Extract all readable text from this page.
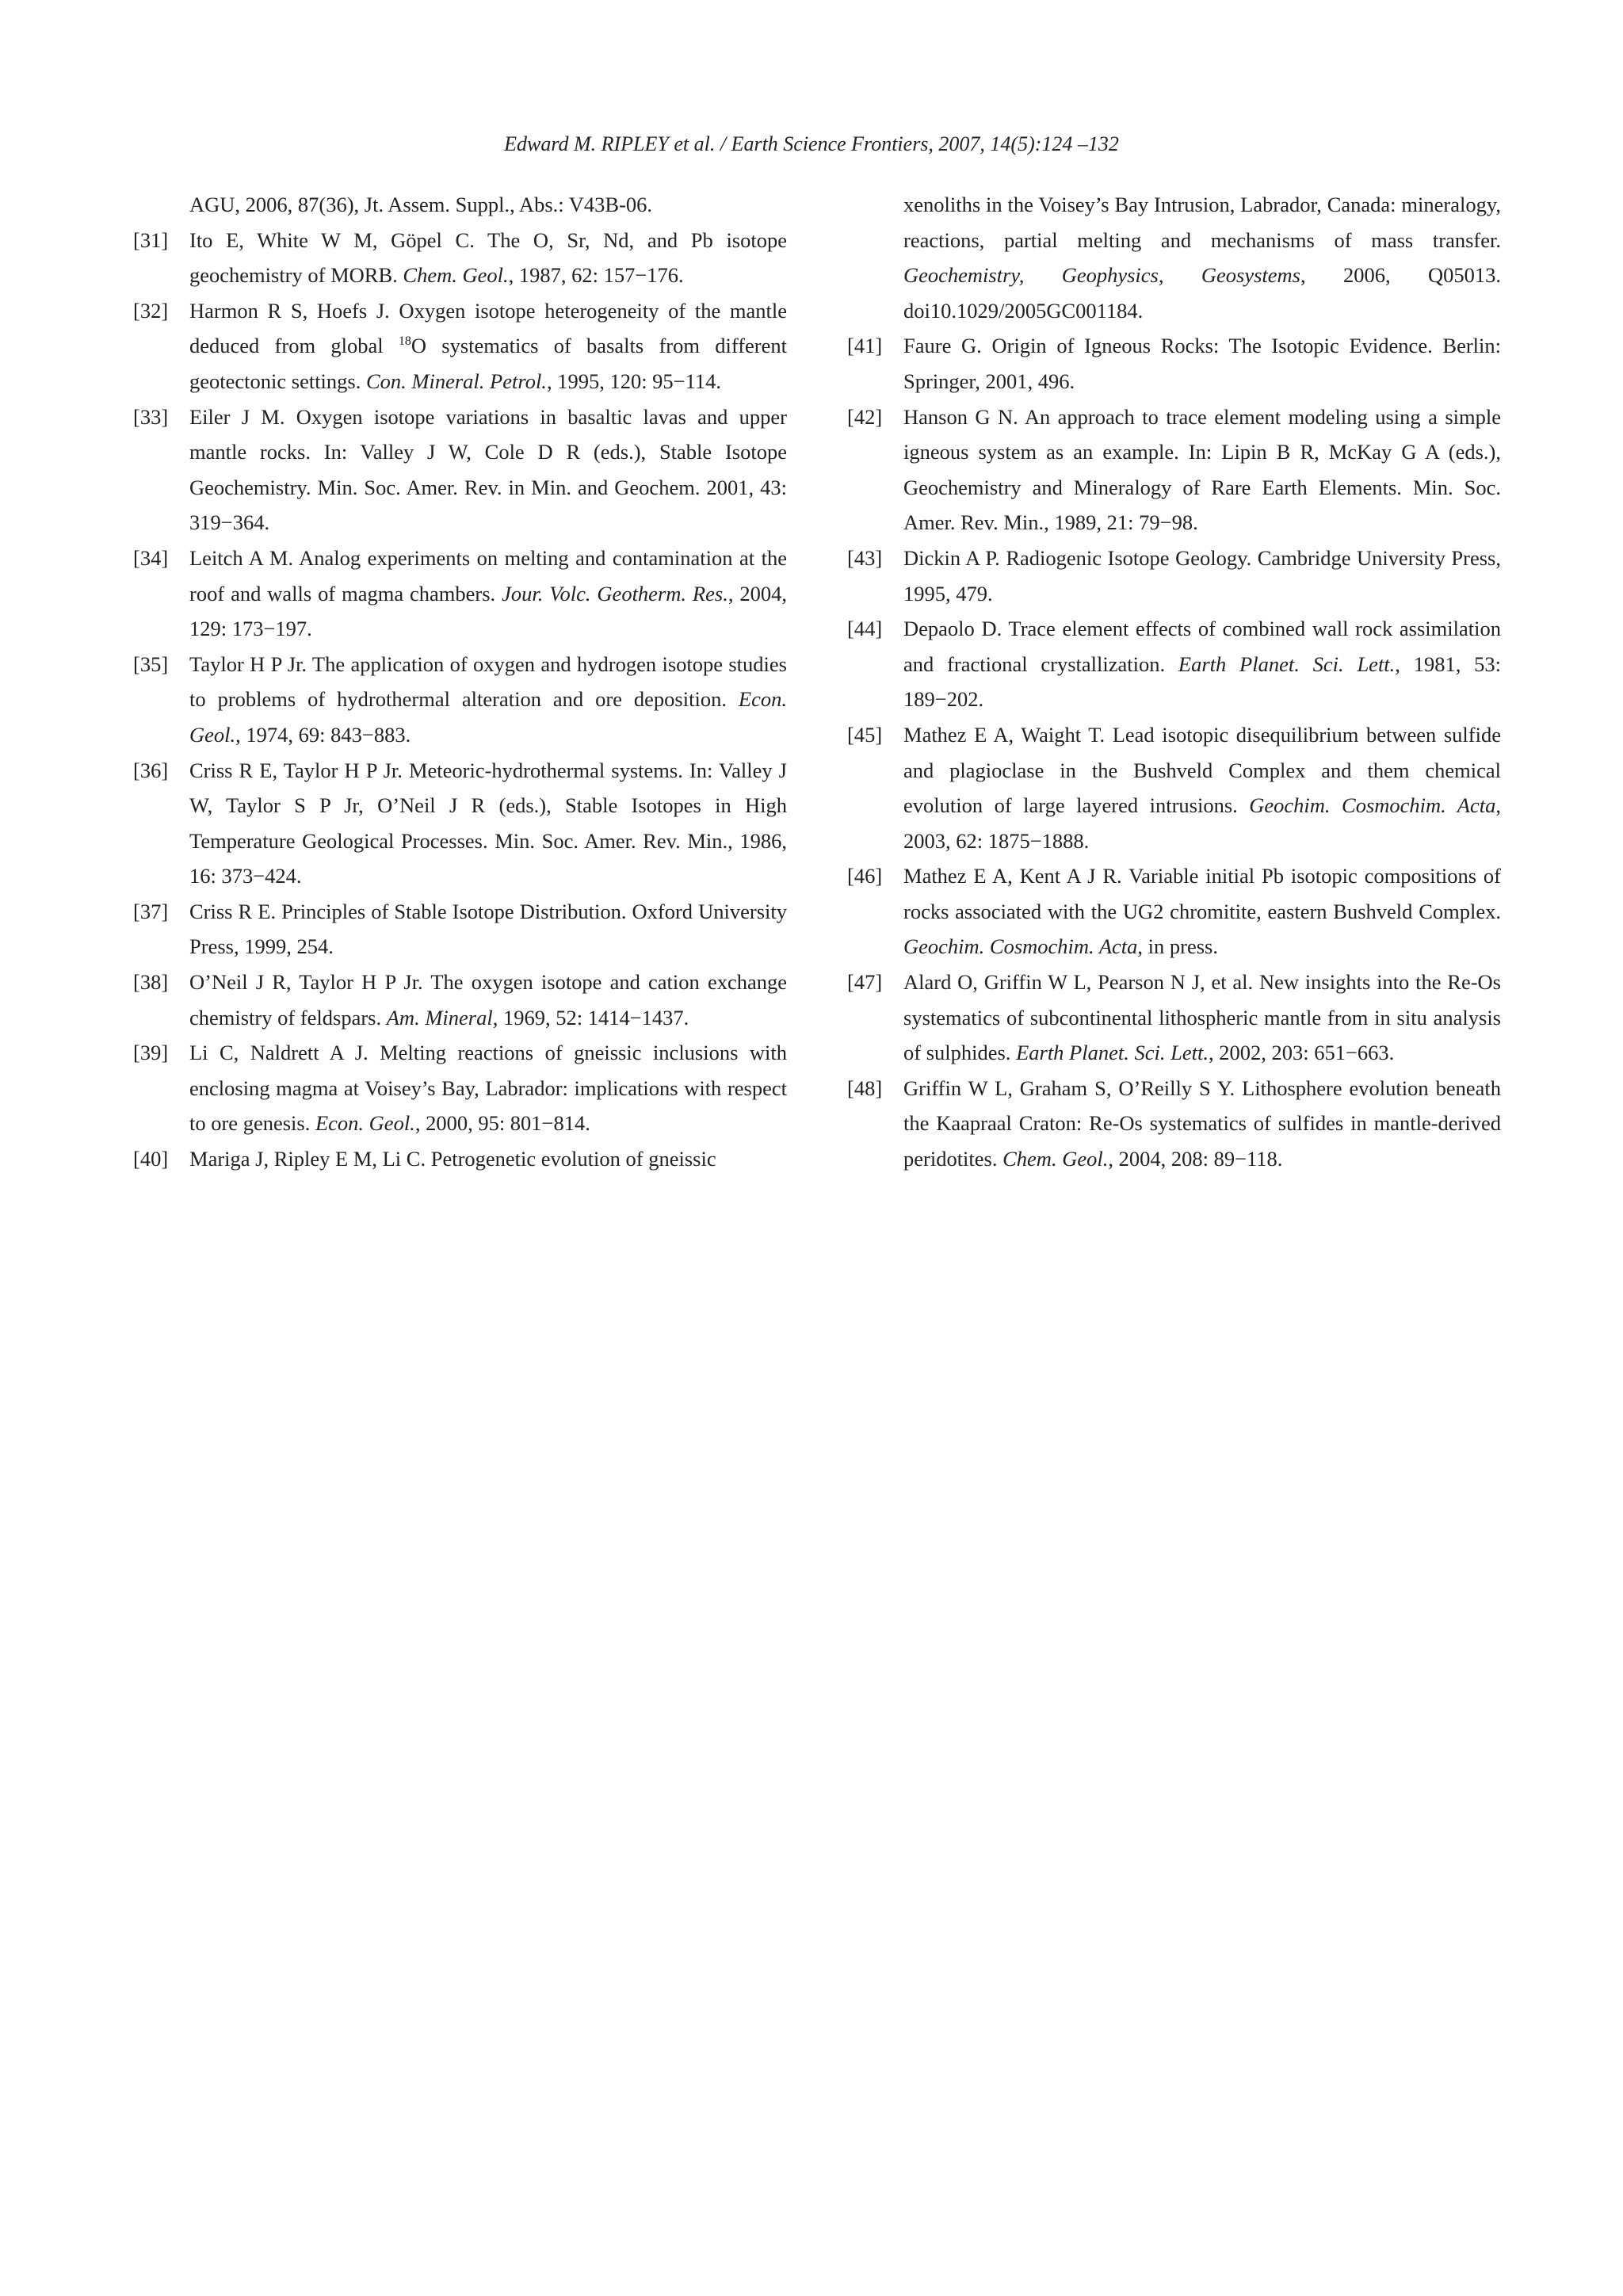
Edward M. RIPLEY et al. / Earth Science Frontiers, 2007, 14(5):124 –132
AGU, 2006, 87(36), Jt. Assem. Suppl., Abs.: V43B-06.
[31] Ito E, White W M, Göpel C. The O, Sr, Nd, and Pb isotope geochemistry of MORB. Chem. Geol., 1987, 62: 157−176.
[32] Harmon R S, Hoefs J. Oxygen isotope heterogeneity of the mantle deduced from global $^{18}$O systematics of basalts from different geotectonic settings. Con. Mineral. Petrol., 1995, 120: 95−114.
[33] Eiler J M. Oxygen isotope variations in basaltic lavas and upper mantle rocks. In: Valley J W, Cole D R (eds.), Stable Isotope Geochemistry. Min. Soc. Amer. Rev. in Min. and Geochem. 2001, 43: 319−364.
[34] Leitch A M. Analog experiments on melting and contamination at the roof and walls of magma chambers. Jour. Volc. Geotherm. Res., 2004, 129: 173−197.
[35] Taylor H P Jr. The application of oxygen and hydrogen isotope studies to problems of hydrothermal alteration and ore deposition. Econ. Geol., 1974, 69: 843−883.
[36] Criss R E, Taylor H P Jr. Meteoric-hydrothermal systems. In: Valley J W, Taylor S P Jr, O’Neil J R (eds.), Stable Isotopes in High Temperature Geological Processes. Min. Soc. Amer. Rev. Min., 1986, 16: 373−424.
[37] Criss R E. Principles of Stable Isotope Distribution. Oxford University Press, 1999, 254.
[38] O’Neil J R, Taylor H P Jr. The oxygen isotope and cation exchange chemistry of feldspars. Am. Mineral, 1969, 52: 1414−1437.
[39] Li C, Naldrett A J. Melting reactions of gneissic inclusions with enclosing magma at Voisey’s Bay, Labrador: implications with respect to ore genesis. Econ. Geol., 2000, 95: 801−814.
[40] Mariga J, Ripley E M, Li C. Petrogenetic evolution of gneissic
xenoliths in the Voisey’s Bay Intrusion, Labrador, Canada: mineralogy, reactions, partial melting and mechanisms of mass transfer. Geochemistry, Geophysics, Geosystems, 2006, Q05013. doi10.1029/2005GC001184.
[41] Faure G. Origin of Igneous Rocks: The Isotopic Evidence. Berlin: Springer, 2001, 496.
[42] Hanson G N. An approach to trace element modeling using a simple igneous system as an example. In: Lipin B R, McKay G A (eds.), Geochemistry and Mineralogy of Rare Earth Elements. Min. Soc. Amer. Rev. Min., 1989, 21: 79−98.
[43] Dickin A P. Radiogenic Isotope Geology. Cambridge University Press, 1995, 479.
[44] Depaolo D. Trace element effects of combined wall rock assimilation and fractional crystallization. Earth Planet. Sci. Lett., 1981, 53: 189−202.
[45] Mathez E A, Waight T. Lead isotopic disequilibrium between sulfide and plagioclase in the Bushveld Complex and them chemical evolution of large layered intrusions. Geochim. Cosmochim. Acta, 2003, 62: 1875−1888.
[46] Mathez E A, Kent A J R. Variable initial Pb isotopic compositions of rocks associated with the UG2 chromitite, eastern Bushveld Complex. Geochim. Cosmochim. Acta, in press.
[47] Alard O, Griffin W L, Pearson N J, et al. New insights into the Re-Os systematics of subcontinental lithospheric mantle from in situ analysis of sulphides. Earth Planet. Sci. Lett., 2002, 203: 651−663.
[48] Griffin W L, Graham S, O’Reilly S Y. Lithosphere evolution beneath the Kaapraal Craton: Re-Os systematics of sulfides in mantle-derived peridotites. Chem. Geol., 2004, 208: 89−118.
